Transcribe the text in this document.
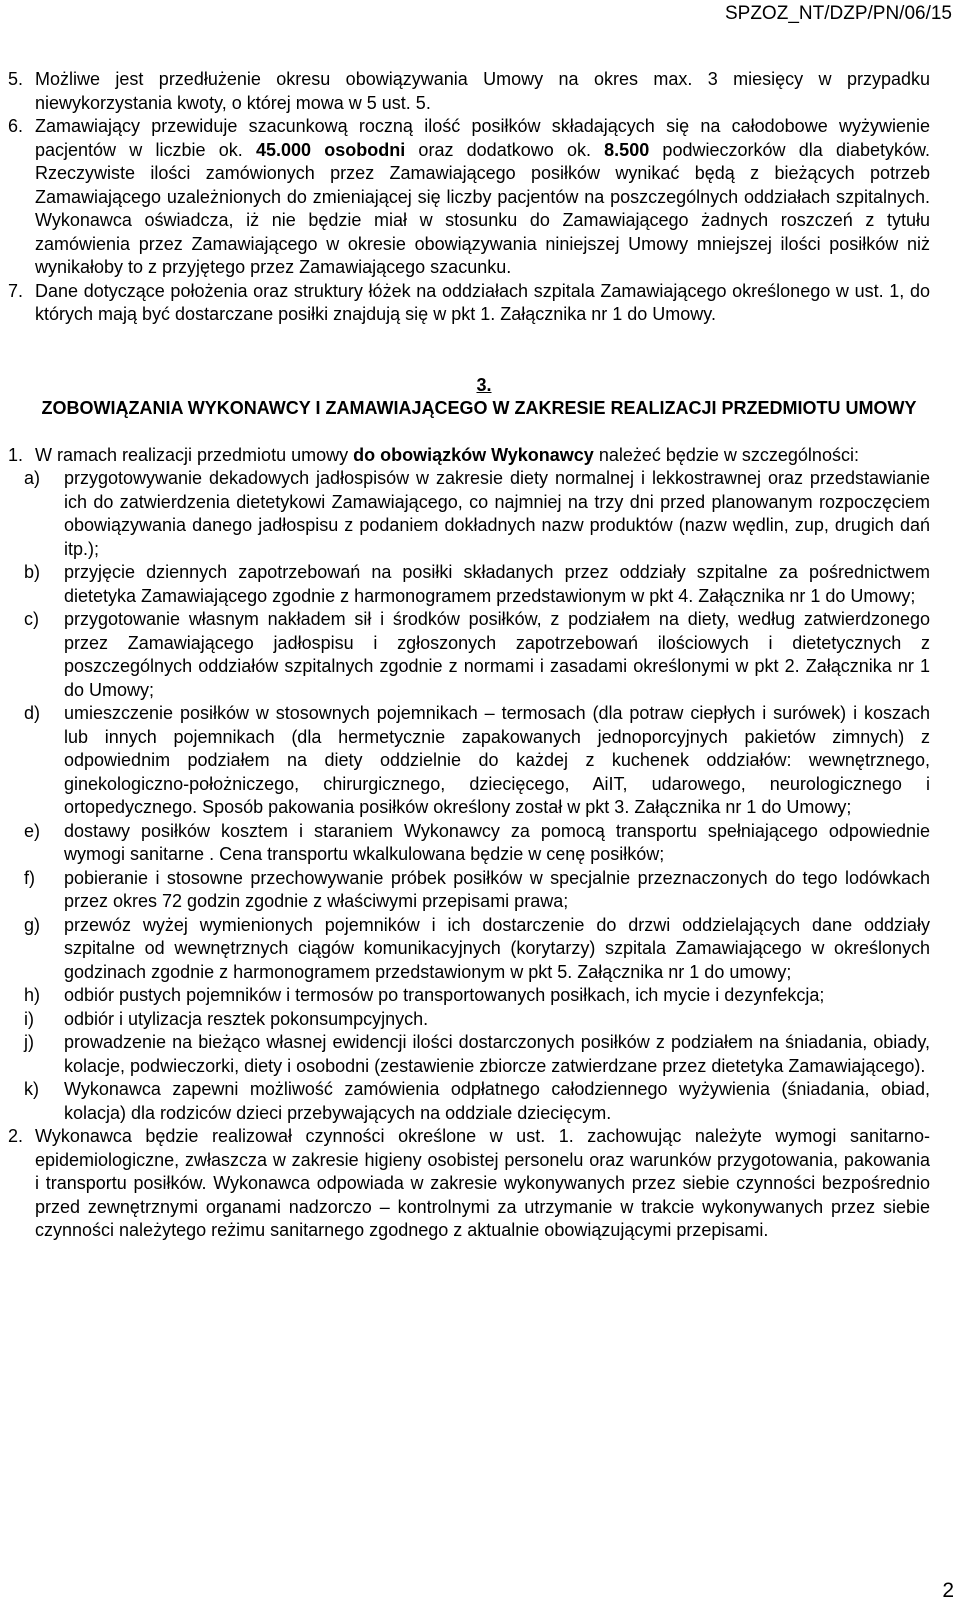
SPZOZ_NT/DZP/PN/06/15
5. Możliwe jest przedłużenie okresu obowiązywania Umowy na okres max. 3 miesięcy w przypadku niewykorzystania kwoty, o której mowa w 5 ust. 5.
6. Zamawiający przewiduje szacunkową roczną ilość posiłków składających się na całodobowe wyżywienie pacjentów w liczbie ok. 45.000 osobodni oraz dodatkowo ok. 8.500 podwieczorków dla diabetyków. Rzeczywiste ilości zamówionych przez Zamawiającego posiłków wynikać będą z bieżących potrzeb Zamawiającego uzależnionych do zmieniającej się liczby pacjentów na poszczególnych oddziałach szpitalnych. Wykonawca oświadcza, iż nie będzie miał w stosunku do Zamawiającego żadnych roszczeń z tytułu zamówienia przez Zamawiającego w okresie obowiązywania niniejszej Umowy mniejszej ilości posiłków niż wynikałoby to z przyjętego przez Zamawiającego szacunku.
7. Dane dotyczące położenia oraz struktury łóżek na oddziałach szpitala Zamawiającego określonego w ust. 1, do których mają być dostarczane posiłki znajdują się w pkt 1. Załącznika nr 1 do Umowy.
3.
ZOBOWIĄZANIA WYKONAWCY I ZAMAWIAJĄCEGO W ZAKRESIE REALIZACJI PRZEDMIOTU UMOWY
1. W ramach realizacji przedmiotu umowy do obowiązków Wykonawcy należeć będzie w szczególności:
a)	przygotowywanie dekadowych jadłospisów w zakresie diety normalnej i lekkostrawnej oraz przedstawianie ich do zatwierdzenia dietetykowi Zamawiającego, co najmniej na trzy dni przed planowanym rozpoczęciem obowiązywania danego jadłospisu z podaniem dokładnych nazw produktów (nazw wędlin, zup, drugich dań itp.);
b)	przyjęcie dziennych zapotrzebowań na posiłki składanych przez oddziały szpitalne za pośrednictwem dietetyka Zamawiającego zgodnie z harmonogramem przedstawionym w pkt 4. Załącznika nr 1 do Umowy;
c)	przygotowanie własnym nakładem sił i środków posiłków, z podziałem na diety, według zatwierdzonego przez Zamawiającego jadłospisu i zgłoszonych zapotrzebowań ilościowych i dietetycznych z poszczególnych oddziałów szpitalnych zgodnie z normami i zasadami określonymi w pkt 2. Załącznika nr 1 do Umowy;
d)	umieszczenie posiłków w stosownych pojemnikach – termosach (dla potraw ciepłych i surówek) i koszach lub innych pojemnikach (dla hermetycznie zapakowanych jednoporcyjnych pakietów zimnych) z odpowiednim podziałem na diety oddzielnie do każdej z kuchenek oddziałów: wewnętrznego, ginekologiczno-położniczego, chirurgicznego, dziecięcego, AiIT, udarowego, neurologicznego i ortopedycznego. Sposób pakowania posiłków określony został w pkt 3. Załącznika nr 1 do Umowy;
e)	dostawy posiłków kosztem i staraniem Wykonawcy za pomocą transportu spełniającego odpowiednie wymogi sanitarne . Cena transportu wkalkulowana będzie w cenę posiłków;
f)	pobieranie i stosowne przechowywanie próbek posiłków w specjalnie przeznaczonych do tego lodówkach przez okres 72 godzin zgodnie z właściwymi przepisami prawa;
g)	przewóz wyżej wymienionych pojemników i ich dostarczenie do drzwi oddzielających dane oddziały szpitalne od wewnętrznych ciągów komunikacyjnych (korytarzy) szpitala Zamawiającego w określonych godzinach zgodnie z harmonogramem przedstawionym w pkt 5. Załącznika nr 1 do umowy;
h)	odbiór pustych pojemników i termosów po transportowanych posiłkach, ich mycie i dezynfekcja;
i)	odbiór i utylizacja resztek pokonsumpcyjnych.
j)	prowadzenie na bieżąco własnej ewidencji ilości dostarczonych posiłków z podziałem na śniadania, obiady, kolacje, podwieczorki, diety i osobodni (zestawienie zbiorcze zatwierdzane przez dietetyka Zamawiającego).
k)	Wykonawca zapewni możliwość zamówienia odpłatnego całodziennego wyżywienia (śniadania, obiad, kolacja) dla rodziców dzieci przebywających na oddziale dziecięcym.
2. Wykonawca będzie realizował czynności określone w ust. 1. zachowując należyte wymogi sanitarno-epidemiologiczne, zwłaszcza w zakresie higieny osobistej personelu oraz warunków przygotowania, pakowania i transportu posiłków. Wykonawca odpowiada w zakresie wykonywanych przez siebie czynności bezpośrednio przed zewnętrznymi organami nadzorczo – kontrolnymi za utrzymanie w trakcie wykonywanych przez siebie czynności należytego reżimu sanitarnego zgodnego z aktualnie obowiązującymi przepisami.
2
